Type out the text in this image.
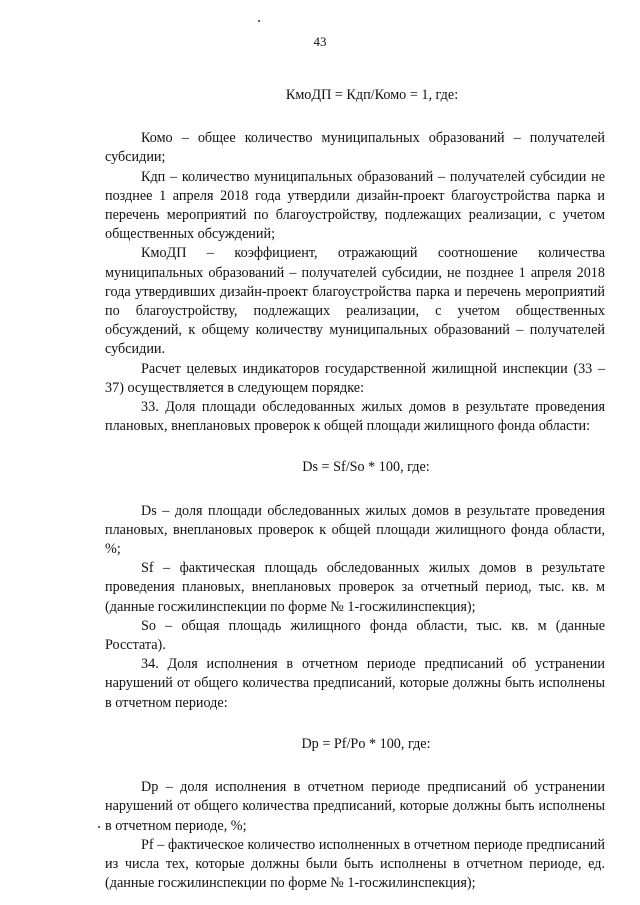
43
КмоДП = Кдп/Комо = 1, где:

Комо – общее количество муниципальных образований – получателей субсидии;

Кдп – количество муниципальных образований – получателей субсидии не позднее 1 апреля 2018 года утвердили дизайн-проект благоустройства парка и перечень мероприятий по благоустройству, подлежащих реализации, с учетом общественных обсуждений;

КмоДП – коэффициент, отражающий соотношение количества муниципальных образований – получателей субсидии, не позднее 1 апреля 2018 года утвердивших дизайн-проект благоустройства парка и перечень мероприятий по благоустройству, подлежащих реализации, с учетом общественных обсуждений, к общему количеству муниципальных образований – получателей субсидии.

Расчет целевых индикаторов государственной жилищной инспекции (33 – 37) осуществляется в следующем порядке:

33. Доля площади обследованных жилых домов в результате проведения плановых, внеплановых проверок к общей площади жилищного фонда области:

Ds = Sf/So * 100, где:

Ds – доля площади обследованных жилых домов в результате проведения плановых, внеплановых проверок к общей площади жилищного фонда области, %;

Sf – фактическая площадь обследованных жилых домов в результате проведения плановых, внеплановых проверок за отчетный период, тыс. кв. м (данные госжилинспекции по форме № 1-госжилинспекция);

So – общая площадь жилищного фонда области, тыс. кв. м (данные Росстата).

34. Доля исполнения в отчетном периоде предписаний об устранении нарушений от общего количества предписаний, которые должны быть исполнены в отчетном периоде:

Dp = Pf/Po * 100, где:

Dp – доля исполнения в отчетном периоде предписаний об устранении нарушений от общего количества предписаний, которые должны быть исполнены в отчетном периоде, %;

Pf – фактическое количество исполненных в отчетном периоде предписаний из числа тех, которые должны были быть исполнены в отчетном периоде, ед. (данные госжилинспекции по форме № 1-госжилинспекция);
